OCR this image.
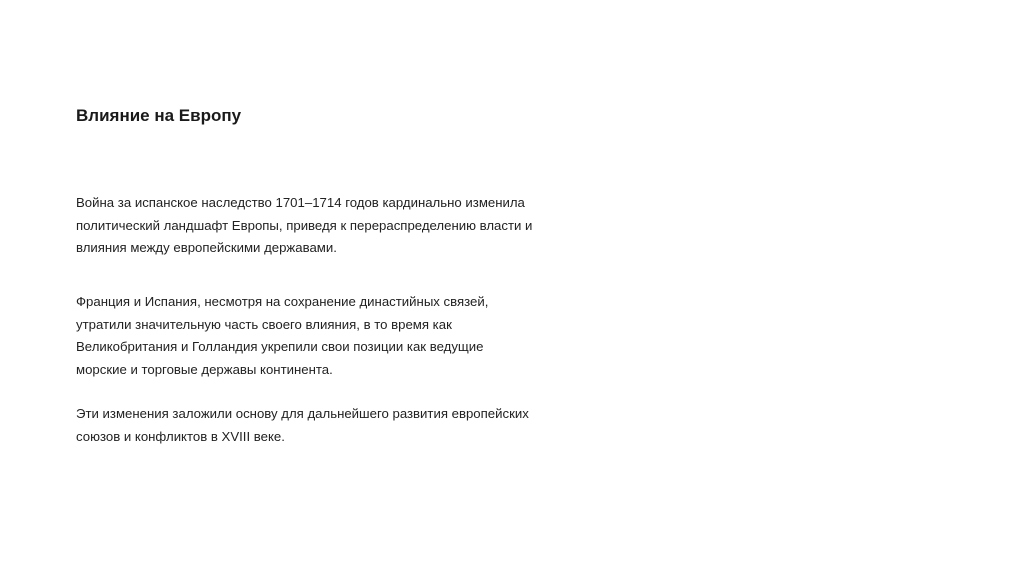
Влияние на Европу

Война за испанское наследство 1701–1714 годов кардинально изменила
политический ландшафт Европы, приведя к перераспределению власти и
влияния между европейскими державами.

Франция и Испания, несмотря на сохранение династийных связей,
утратили значительную часть своего влияния, в то время как
Великобритания и Голландия укрепили свои позиции как ведущие
морские и торговые державы континента.

Эти изменения заложили основу для дальнейшего развития европейских
союзов и конфликтов в XVIII веке.
